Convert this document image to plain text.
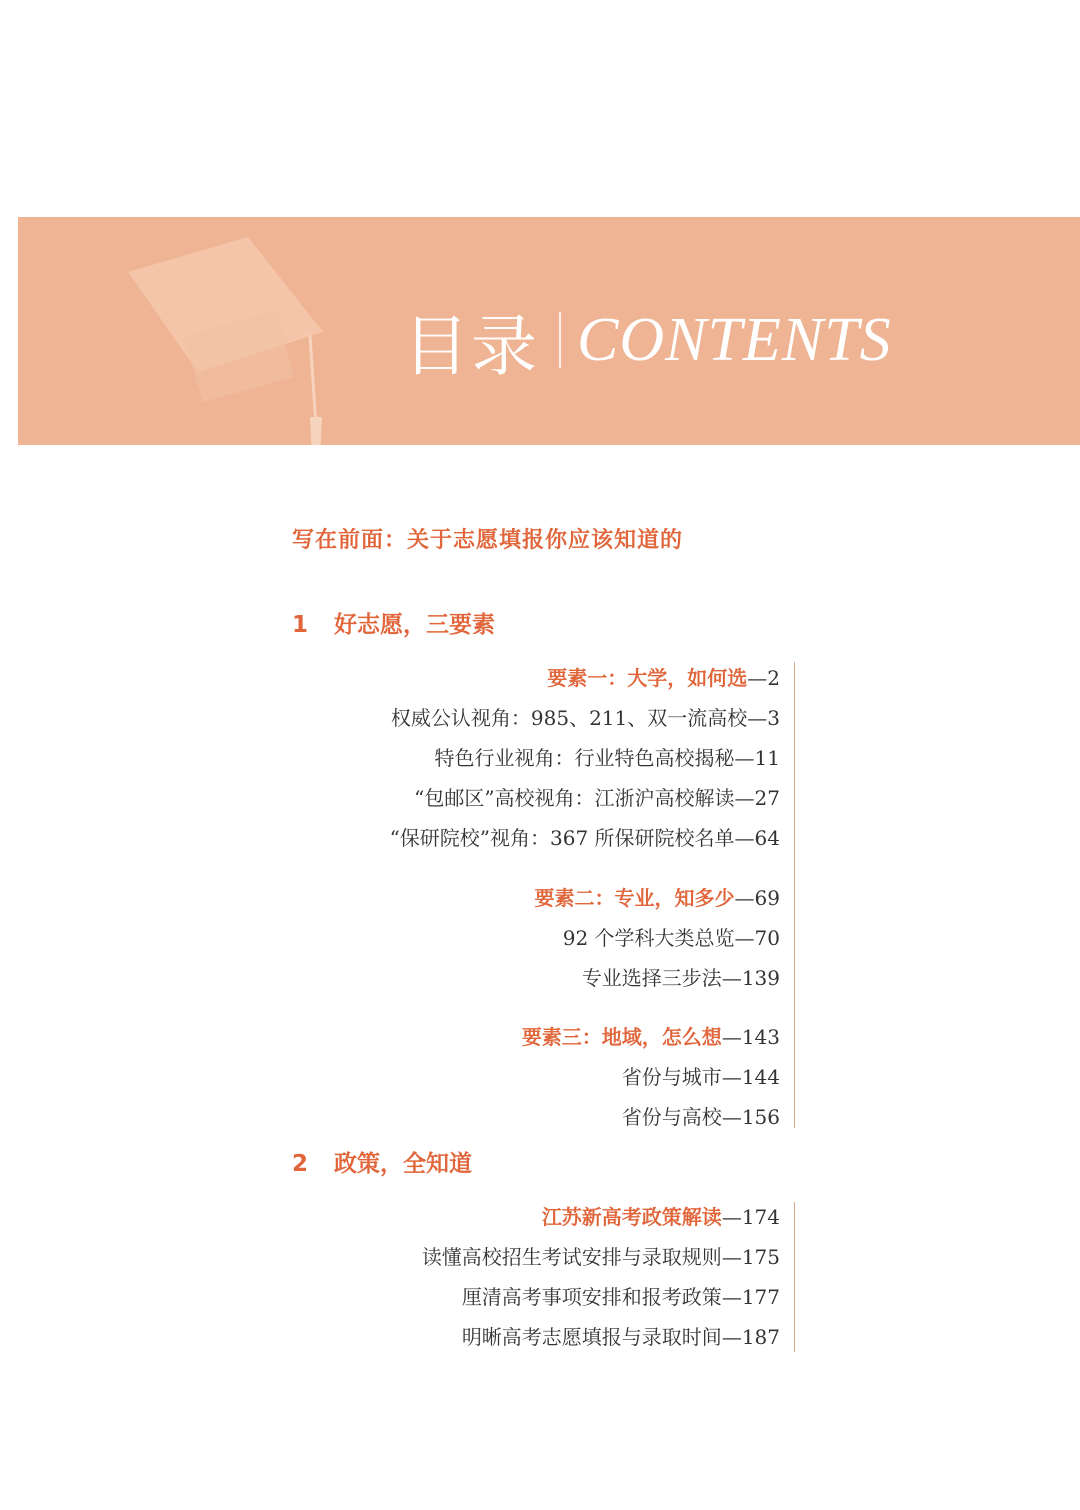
目录 CONTENTS
写在前面：关于志愿填报你应该知道的
1 好志愿，三要素
要素一：大学，如何选—2
权威公认视角：985、211、双一流高校—3
特色行业视角：行业特色高校揭秘—11
“包邮区”高校视角：江浙沪高校解读—27
“保研院校”视角：367 所保研院校名单—64
要素二：专业，知多少—69
92 个学科大类总览—70
专业选择三步法—139
要素三：地域，怎么想—143
省份与城市—144
省份与高校—156
2 政策，全知道
江苏新高考政策解读—174
读懂高校招生考试安排与录取规则—175
厘清高考事项安排和报考政策—177
明晰高考志愿填报与录取时间—187
